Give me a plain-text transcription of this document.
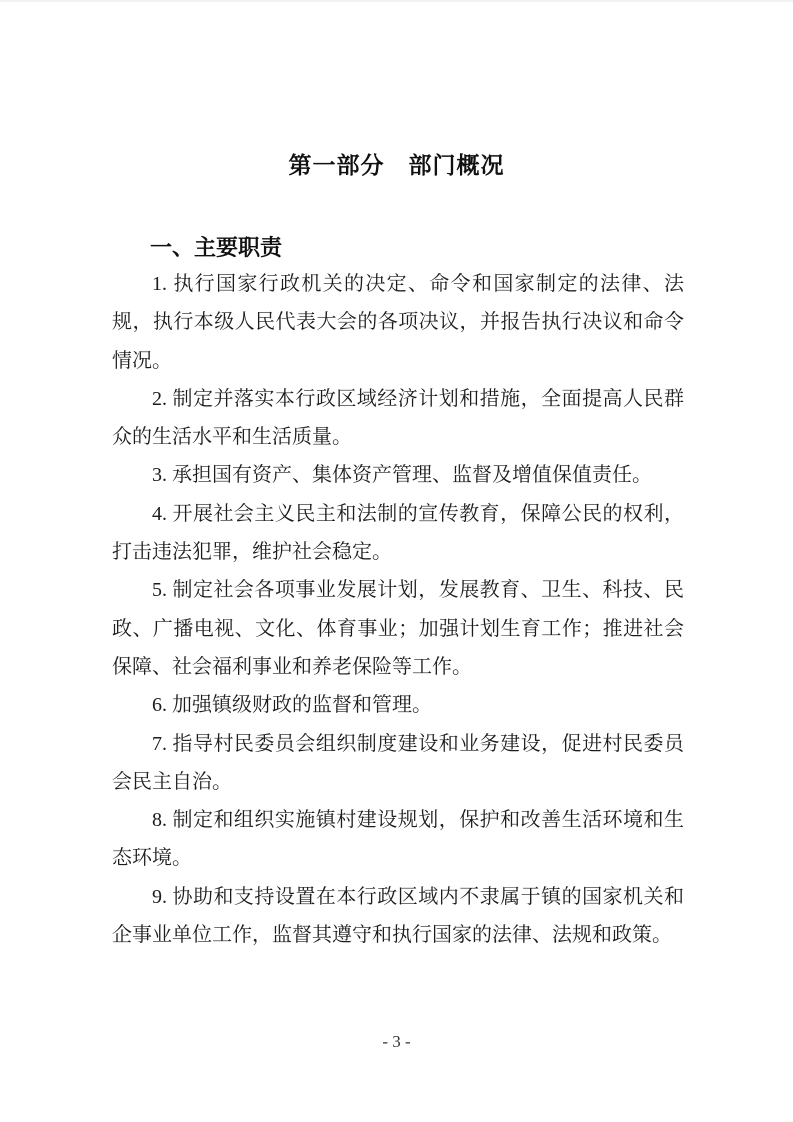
第一部分　部门概况
一、主要职责

1. 执行国家行政机关的决定、命令和国家制定的法律、法规，执行本级人民代表大会的各项决议，并报告执行决议和命令情况。

2. 制定并落实本行政区域经济计划和措施，全面提高人民群众的生活水平和生活质量。

3. 承担国有资产、集体资产管理、监督及增值保值责任。

4. 开展社会主义民主和法制的宣传教育，保障公民的权利，打击违法犯罪，维护社会稳定。

5. 制定社会各项事业发展计划，发展教育、卫生、科技、民政、广播电视、文化、体育事业；加强计划生育工作；推进社会保障、社会福利事业和养老保险等工作。

6. 加强镇级财政的监督和管理。

7. 指导村民委员会组织制度建设和业务建设，促进村民委员会民主自治。

8. 制定和组织实施镇村建设规划，保护和改善生活环境和生态环境。

9. 协助和支持设置在本行政区域内不隶属于镇的国家机关和企事业单位工作，监督其遵守和执行国家的法律、法规和政策。

- 3 -
